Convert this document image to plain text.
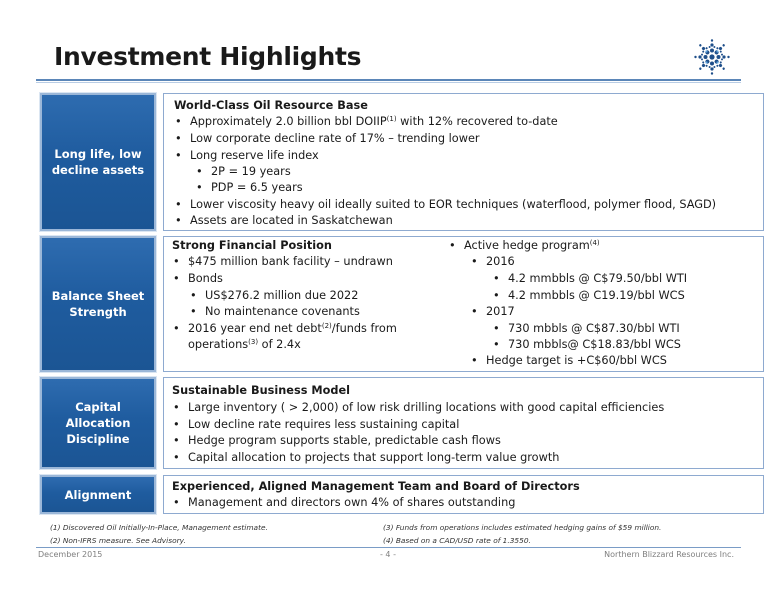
Investment Highlights
Long life, low decline assets
World-Class Oil Resource Base
• Approximately 2.0 billion bbl DOIIP$^{(1)}$ with 12% recovered to-date
• Low corporate decline rate of 17% – trending lower
• Long reserve life index
• 2P = 19 years
• PDP = 6.5 years
• Lower viscosity heavy oil ideally suited to EOR techniques (waterflood, polymer flood, SAGD)
• Assets are located in Saskatchewan
Balance Sheet Strength
Strong Financial Position
• $475 million bank facility – undrawn
• Bonds
• US$276.2 million due 2022
• No maintenance covenants
• 2016 year end net debt$^{(2)}$/funds from
operations$^{(3)}$ of 2.4x
• Active hedge program$^{(4)}$
• 2016
• 4.2 mmbbls @ C$79.50/bbl WTI
• 4.2 mmbbls @ C19.19/bbl WCS
• 2017
• 730 mbbls @ C$87.30/bbl WTI
• 730 mbbls@ C$18.83/bbl WCS
• Hedge target is +C$60/bbl WCS
Capital Allocation Discipline
Sustainable Business Model
• Large inventory ( > 2,000) of low risk drilling locations with good capital efficiencies
• Low decline rate requires less sustaining capital
• Hedge program supports stable, predictable cash flows
• Capital allocation to projects that support long-term value growth
Alignment
Experienced, Aligned Management Team and Board of Directors
• Management and directors own 4% of shares outstanding
(1) Discovered Oil Initially-In-Place, Management estimate.
(2) Non-IFRS measure. See Advisory.
(3) Funds from operations includes estimated hedging gains of $59 million.
(4) Based on a CAD/USD rate of 1.3550.
December 2015	- 4 -	Northern Blizzard Resources Inc.
